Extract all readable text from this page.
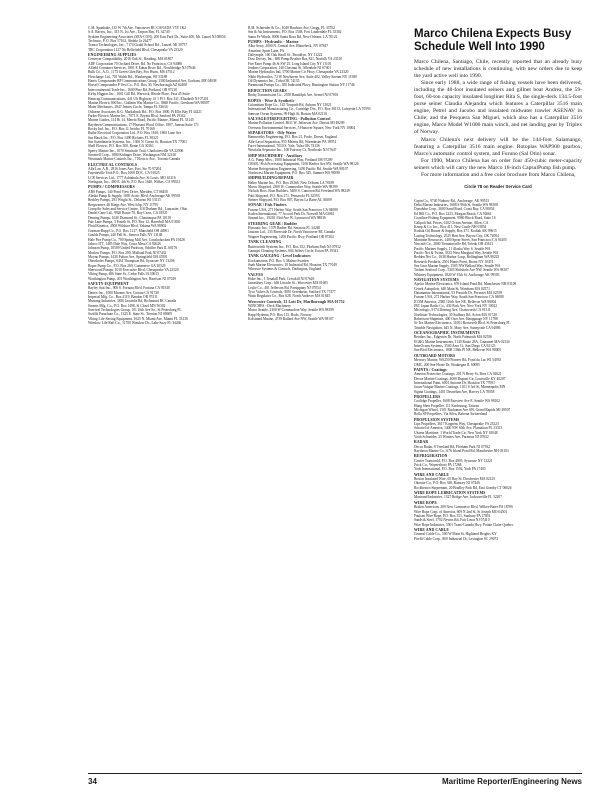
C.M. Spanbake, 135 W 7th Ave, Vancouver BC CANADA V5Y 1K2
S.A. Ravers, Inc., 315 N. 1st Ave., Tarpon Bay, FL 34740
Sydsten Engineering Associates (SEA-CON), 200 East Park Dr., Suite 400, Mt. Laurel NJ 08054
Technico, P. O. Box 57162, Abdelo Ja 26477
Tomco Technologies, Inc., 7174 Gould School Rd., Lanzel, Ml 30757
TRC Corporation 1417 No Bellefield Blvd, Chesapeake VA 23320
ENGINEERING SUPPLIES
Cenveyer Compatibility, 2016 Oak St., Reading, MA 01867
ADF Corporation 70 Orchard Drive, Rd. No Francisco, CA 94080
Alfield Container Services, 1801 E Ednar River Rd., Northbridge NJ 07646
Bulk Co., A.O., 1175 Green Glen Bay, Fox Hunn, MS 47512
Flexcharge Ltd., 701 Walsh Rd., Waukeegan, WI 53188
Harris Compounder BP Communications Group, 1300 Industrial Ave, Gorham, ME 04038
Horsel Compounder P Vest Co., P.O. Box 30, Newborough AZ 62408
Intercontinental Trade Inc., 1600 Pine Rd, Portland, OR 97210
Kirby Higgins Inc., 1001 Gill Rd, Warwick, Rhode Place, Pass 45 Suite
Hanscap Communications, 441 US Highway 41 1 P.O. Box 331, Elizabeth NJ 07201
Marine Electric 800 Inc., Gallatin Wat Marine Co., 8840 Pacific, Gresham WA 98007
Mater Mechanics, 2847 Jennes Circle, Tampa FL 33634
Osborne Associates & G. Markabuck Rd., P.O. Box 1000, Ft Ellis Bay FI 34221
Parker Electric Marine Inc., 7071 E. Bryant Blvd, Sanford PA 19342
Marine Guides, 114 Rt 14, Merritt Road, Pacific Marine, Miami FL 33145
Raytheon Communications, 17 Pleasant Wood Office, 1807, Juneau Suite 171
Rocky Ind. Inc., P.O. Box 11 Jericho FL 70160
Ruthe Electrical Corporation Ltd., P.O. Box 1610, 1800 Lane Ave
Sea Hawk Inc., P.O. Box 1490 Ricketts FL 38321
Sea Scandinavia Systems, Inc., 1300 N. Green St, Houston TX 77001
Shell Electric, P.O. Box 300, Rome GA 30161
Sperry Marine Inc., 1070 Seminole Trail, Charlottesville VA 22906
Stratwell Corp., 1880 Kidinger Drive, Washington NM 32140
Westmark Marine Controls Inc., 7 Electric Ave., Toronto Canada
ELECTRICAL CONTROLS
Alfa Lan, A.B., 2816 Jones Ave, Fort, Ste 70 97204
Fayetteville Tech P.O., Box 1000 DOC, CA 91025
LCR Services Ltd., 1777 Ashtabula Ave, St Louis, MO 63116
Northgate, Inc., 400 E. 4th St, P.O. Box 1640, Wilkes, CA 99352
PUMPS / COMPRESSORS
ABS Pumps, 140 Pond View Drive, Meriden, CT 06450
Alaska Pump & Supply, 1805 Arctic Blvd, Anchorage AK 99503
Berkley Pumps, 293 Wright St., Delavan WI 53115
Borgwarner, 46 Kings Ave, West Islip, NY 11795
CompAir Sales and Service Centre, 118 Durham Rd., Lancaster, Ohio
Daniel Cane Ltd., 9920 Route 70, Bay Cross, CA 01921
Deming Pumps, 1620 Diamond St., Chautauqua PA 10118
Fair Lane Pumps, 3 Fourth St, P.O. Box 12, Haverhill MA 01830
Fluid Kinetics, 4500 Wilshire Blvd, Yakima WA 98902
Gorman-Rupp Co., P.O. Box 1217, Mansfield OH 44901
Goulds Pumps, 240 Fall St., Seneca Falls NY 13148
Hale Fire Pump Co., 700 Spring Mill Ave, Conshohocken PA 19428
Jabsco ITT, 1485 Dale Way, Costa Mesa CA 92626
Johnson Pump, 10509 United Parkway, Schiller Park IL 60176
Marlow Pumps, P.O. Box 200, Midland Park NJ 07432
Moyno Pumps, 1430 Fulton Ave, Springfield OH 45501
Oberdorfer Pumps, 6454 Thompson Rd, Syracuse NY 13206
Roper Pump Co., P.O. Box 269, Commerce GA 30529
Sherwood Pumps, 1010 Executive Blvd, Chesapeake VA 23320
Viking Pump, 406 State St., Cedar Falls IA 50613
Worthington Pump, 401 Worthington Ave, Harrison NJ 07029
SAFETY EQUIPMENT
Bayley Suit Inc., 900 S. Fortuna Blvd, Fortuna CA 95540
Datrex Inc., 1000 Moreno Ave, Corona CA 91720
Imperial Mfg. Co., Box 4119, Bandon OR 97411
Mustang Industries, 3810 Jacombs Rd, Richmond BC Canada
Stearns Mfg. Co., P.O. Box 1498, St Cloud MN 56302
Survival Technologies Group, 101 16th Ave So., St Petersburg FL
Switlik Parachute Co., 1325 E. State St., Trenton NJ 08609
Viking Life-Saving Equipment, 1625 N. Miami Ave, Miami FL 33136
Winslow Life Raft Co., 11700 Winslow Dr., Lake Suzy FL 34266
R.M. Schneider & Co., 1040 Hawkins Ave, Gregg, FL 33702
Sea & Air Instruments, P.O. Box 1548, Fort Lauderdale FL 33302
Santa Fe Winds, 8000 Santa Rosa Rd, New Orleans, LA 70122
PUMPS - Hydraulic - Marine
Alba Aswy, 2000 N. Central Ave, Rhinebeck, NY 07847
Amarine, Spear Lane, PA
Dalrymple, 160 Oak Knoll St., Brooklyn, NY 11222
Dow Dorsey, Inc., 680 Pump Brother Bar, 821, Norfolk VA 23510
Fire Eater Pump 46 St SW 25, Long Island City NY 11101
Jenkins Corporation, 140 Chestnut St, Allendale NJ 07401
Marine Hydraulics Intl, 5700 Marine Ctr Pkwy, Chesapeake VA 23320
Nikki Hydraulics, 72 W Newhaven Ave, Suite 402, Valley Stream NY 11580
Oil Dynamics Inc., Tulsa OK 74135
Paramount Pumps Co., 300 Industrial Pkwy, Huntington Station NY 11746
REDUCTION GEARS
Bodaj Transmission Co., 2550 Randolph Ave, Avenel NJ 07001
ROPES - Wire & Synthetic
Columbian Rope Co., 145 Towpath Rd, Auburn NY 13021
International Manufacturing Co., Cartridge Div., P.O. Box 30133, Lafayette LA 70593
Samson Ocean Systems, 99 High St, Boston MA 02110
SALVAGE/FIREFIGHTING - Pollution Control
Marine Pollution Control, 8631 W. Jefferson Ave, Detroit MI 48209
Overseas Environmental Services, 5 Hanover Square, New York NY 10004
SEPARATORS - Oily Water
Hamworthy Engineering, P.O. Box 21, Poole, Dorset, England
Alfa-Laval Separation, 955 Mearns Rd, Warminster PA 18974
Facet International, 7010 S. Yale, Tulsa OK 74136
Westfalia Separator Inc., 100 Fairway Ct, Northvale NJ 07647
SHIP MACHINERY - Auxiliary
A.G. Pump Mfrs., 1000 Industrial Way, Portland OR 97209
CRAB / Fish Processing Equipment, 1100 Harbor Ave SW, Seattle WA 98126
Marine Refrigeration Engineering, 1450 Pacific Rd, Seattle WA 98107
Northwest Marine Equipment, P.O. Box 345, Sumner WA 98390
SHIPBUILDING/REPAIR
Halter Marine Inc., P.O. Box 29266, New Orleans LA 70189
Marco Shipyard, 2300 W. Commodore Way, Seattle WA 98199
Nichols Bros. Boat Builders, 5400 S. Cameron Rd, Freeland WA 98249
Patti Shipyard, P.O. Box 271, Pensacola FL 32593
Steiner Shipyard, P.O. Box 807, Bayou La Batre AL 36509
SONAR / Fish Finders
Furuno USA, 271 Harbor Way, South San Francisco CA 94080
Koden International, 77 Accord Park Dr, Norwell MA 02061
Simrad Inc., 19210 33rd Ave W, Lynnwood WA 98036
STEERING GEAR / Rudder
Hynautic Inc., 1579 Barber Rd, Sarasota FL 34240
Jastram Ltd., 135 Riverside Dr, North Vancouver BC Canada
Wagner Engineering, 1200 Pacific Hwy, Portland OR 97204
TANK CLEANING
Butterworth Systems Inc., P.O. Box 352, Florham Park NJ 07932
Gamajet Cleaning Systems, 604 Jeffers Circle, Exton PA 19341
TANK GAUGING / Level Indicators
Kockumation, P.O. Box 3, Malmo Sweden
Saab Marine Electronics, 10 Industrial Rd, Houston TX 77049
Whessoe Systems & Controls, Darlington, England
VALVES
Hoke Inc., 1 Tenakill Park, Cresskill NJ 07626
Jamesbury Corp., 640 Lincoln St., Worcester MA 01605
Leslie Co., 401 Jefferson Rd, Parsippany NJ 07054
Tyco Valves & Controls, 3950 Greenbriar, Stafford TX 77477
Watts Regulator Co., Box 628, North Andover MA 01845
Worcester Controls, 33 Lott Dr, Marlborough MA 01752
WINCHES - Deck Machinery
Marco Seattle, 2300 W Commodore Way, Seattle WA 98199
Rapp Hydema, P.O. Box 115, Bodo, Norway
Kolstrand Marine, 4739 Ballard Ave NW, Seattle WA 98107
Marco Chilena Expects Busy Schedule Well Into 1990

Marco Chilena, Santiago, Chile, recently reported that an already busy schedule of new installations is continuing, with new orders due to keep the yard active well into 1990.

Since early 1988, a wide range of fishing vessels have been delivered, including the 48-foot insulated seiners and gillnet boat Andrea, the 59-foot, 60-ton capacity insulated longliner Rita S, the single-deck 134.5-foot purse seiner Claudia Alejandra which features a Caterpillar 3516 main engine, Petrel and Jacobo and insulated midwater trawler ASENAV in Chile; and the Pesquera San Miguel, which also has a Caterpillar 3516 engine, Marco Model W1000 main winch, and net landing gear by Triplex of Norway.

Marco Chilena's next delivery will be the 144-foot Salamango, featuring a Caterpillar 3516 main engine. Rotoplas WAP900 gearbox, Marco's automatic control system, and Furuno (Sal Otin) sonar.

For 1990, Marco Chilena has on order four 450-cubic meter-capacity seiners which will carry the new Marco 18-inch CapsulPump fish pump.

For more information and a free color brochure from Marco Chilena,

Circle 78 on Reader Service Card
Capin Co., 9740 Ninbow Rd., Anchorage, AK 99515
Delta Marine Industries, 1608 S 96th St, Seattle WA 98108
Dynalube Corp., 3600 Sand Road, Coast Bay, CA 90054
Ed Hill Co., P.O. Box 1223, Morgan Beach, CA 92661
Coastline Fishing Equipment, 9060 Block Road, Suite 16
Galipoli Ind. Pisces, 6102 Ocean Avenue, Allen, CA
Kemp & Co. Inc., Box 411, New Castle NH 03854
Kodiak Oil Burner & Supply, Box 271, Kodiak AK 99615
Lasting Technology, 2525 Hart Ave, Bayou City, OK 74004
Maritime Resources, 1400 Spear Street, San Francisco CA 94105
Netcraft Co., 2800 Tremainsville Rd, Toledo OH 43613
Pacific Mariner Supply, 11 Alaska Way S, Seattle WA
Pacific Net & Twine, 3333 West Marginal Way, Seattle WA
Redden Net Co., 1638 Harbor Loop, Bellingham WA 98225
Research Products, 2501 Hunts Point, Bronx NY 10474
Sea Gear Marine Supply, 1505 NW Ballard Way, Seattle WA
Trident Seafood Corp., 5303 Shilshole Ave NW, Seattle WA 98107
Whitney Equipment, 1820 W 15th St, Anchorage AK 99503
NAVIGATION SYSTEMS
Apelco Marine Electronics, 676 Island Pond Rd, Manchester NH 03109
Cetrek Autopilots, 640 Main St, Wareham MA 02571
Datamarine International, 53 Portside Dr, Pocasset MA 02559
Furuno USA, 271 Harbor Way, South San Francisco CA 94080
ICOM America, 2380 116th Ave NE, Bellevue WA 98004
JRC Japan Radio Co., 430 Park Ave, New York NY 10022
Micrologic, 9174 Deering Ave, Chatsworth CA 91311
Northstar Technologies, 30 Sudbury Rd, Acton MA 01720
Robertson-Shipmate, 400 Oser Ave, Hauppauge NY 11788
Si-Tex Marine Electronics, 11001 Roosevelt Blvd, St Petersburg FL
Trimble Navigation, 645 N. Mary Ave, Sunnyvale CA 94086
OCEANOGRAPHIC INSTRUMENTS
Benthos Inc., Edgerton Dr, North Falmouth MA 02556
EG&G Marine Instruments, 1140 Route 28A, Cataumet MA 02534
InterOcean Systems, 3540 Aero Ct, San Diego CA 92123
Sea-Bird Electronics, 1808 136th Pl NE, Bellevue WA 98005
OUTBOARD MOTORS
Mercury Marine, W6250 Pioneer Rd, Fond du Lac WI 54935
OMC, 200 Sea-Horse Dr, Waukegan IL 60085
PAINTS / Coatings
Ameron Protective Coatings, 201 N Berry St, Brea CA 92621
Devoe Marine Coatings, 4000 Dupont Cir, Louisville KY 40207
International Paint, 6001 Antoine Dr, Houston TX 77091
Jotun-Valspar Marine Coatings, 1101 S 3rd St, Minneapolis MN
Sigma Coatings, 1401 Destrehan Ave, Harvey LA 70058
PROPELLERS
Coolidge Propeller, 1608 Fairview Ave E, Seattle WA 98102
Hung Shen Propeller, 111 Kaohsiung, Taiwan
Michigan Wheel, 1501 Buchanan Ave SW, Grand Rapids MI 49507
Rolla SP Propellers, Via Silva, Balerna Switzerland
PROPULSION SYSTEMS
Lips Propellers, 3617 Koppens Way, Chesapeake VA 23323
Schottel of America, 1400 NW 65th Ave, Plantation FL 33313
Ulstein Maritime, 1 World Trade Ctr, New York NY 10048
Voith Schneider, 25 Winters Ave, Paramus NJ 07652
RADAR
Decca Radar, 8 Vreeland Rd, Florham Park NJ 07932
Raytheon Marine Co., 676 Island Pond Rd, Manchester NH 03103
REFRIGERATION
Carrier Transicold, P.O. Box 4805, Syracuse NY 13221
Frick Co., Waynesboro PA 17268
York International, P.O. Box 1592, York PA 17405
WIRE AND CABLE
Boston Insulated Wire, 65 Bay St, Dorchester MA 02125
Okonite Co., P.O. Box 340, Ramsey NJ 07446
Rockbestos-Surprenant, 20 Bradley Park Rd, East Granby CT 06026
WIRE ROPE LUBRICATION SYSTEMS
Mastrand Industries, 1327 Bridge Ave, Jacksonville FL 32207
WIRE ROPE
Bridon American, 280 New Commerce Blvd, Wilkes-Barre PA 18706
Wire Rope Corp. of America, 609 N 2nd St, St Joseph MO 64501
Paulsen Wire Rope, P.O. Box 551, Sunbury PA 17801
Sandvik Steel, 1702 Nevins Rd, Fair Lawn NJ 07410
Wire Rope Industries, 5501 Trans-Canada Hwy, Pointe Claire Quebec
WIRE AND CABLE
General Cable Co., 500 W Main St, Highland Heights KY
Pirelli Cable Corp., 800 Industrial Dr, Lexington SC 29072
34	Maritime Reporter/Engineering News
